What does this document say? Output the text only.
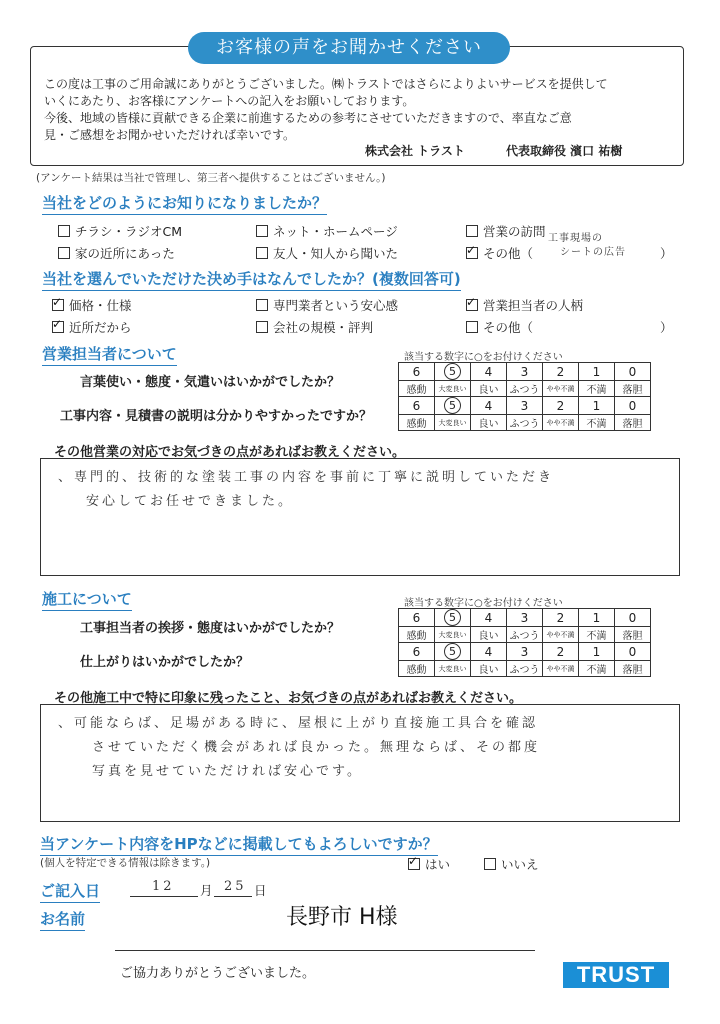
お客様の声をお聞かせください
この度は工事のご用命誠にありがとうございました。㈱トラストではさらによりよいサービスを提供して
いくにあたり、お客様にアンケートへの記入をお願いしております。
今後、地域の皆様に貢献できる企業に前進するための参考にさせていただきますので、率直なご意
見・ご感想をお聞かせいただければ幸いです。
株式会社 トラスト	代表取締役 濱口 祐樹
(アンケート結果は当社で管理し、第三者へ提供することはございません。)
当社をどのようにお知りになりましたか？
チラシ・ラジオCM	ネット・ホームページ	営業の訪問
家の近所にあった	友人・知人から聞いた ✓	その他（
工事現場の
シートの広告	）
当社を選んでいただけた決め手はなんでしたか？(複数回答可)
✓価格・仕様	専門業者という安心感 ✓	営業担当者の人柄
✓近所だから	会社の規模・評判	その他（	）
営業担当者について	該当する数字に○をお付けください
言葉使い・態度・気遣いはいかがでしたか？
工事内容・見積書の説明は分かりやすかったですか？
6	5	4	3	2	1	0
感動	大変良い	良い	ふつう	やや不満	不満	落胆
6	5	4	3	2	1	0
感動	大変良い	良い	ふつう	やや不満	不満	落胆
その他営業の対応でお気づきの点があればお教えください。
、専門的、技術的な塗装工事の内容を事前に丁寧に説明していただき
安心してお任せできました。
施工について	該当する数字に○をお付けください
工事担当者の挨拶・態度はいかがでしたか？
仕上がりはいかがでしたか？
6	5	4	3	2	1	0
感動	大変良い	良い	ふつう	やや不満	不満	落胆
6	5	4	3	2	1	0
感動	大変良い	良い	ふつう	やや不満	不満	落胆
その他施工中で特に印象に残ったこと、お気づきの点があればお教えください。
、可能ならば、足場がある時に、屋根に上がり直接施工具合を確認
させていただく機会があれば良かった。無理ならば、その都度
写真を見せていただければ安心です。
当アンケート内容をHPなどに掲載してもよろしいですか？
(個人を特定できる情報は除きます。) ✓	はい	いいえ
ご記入日	12 月 25 日
お名前	長野市 H様
ご協力ありがとうございました。	TRUST
